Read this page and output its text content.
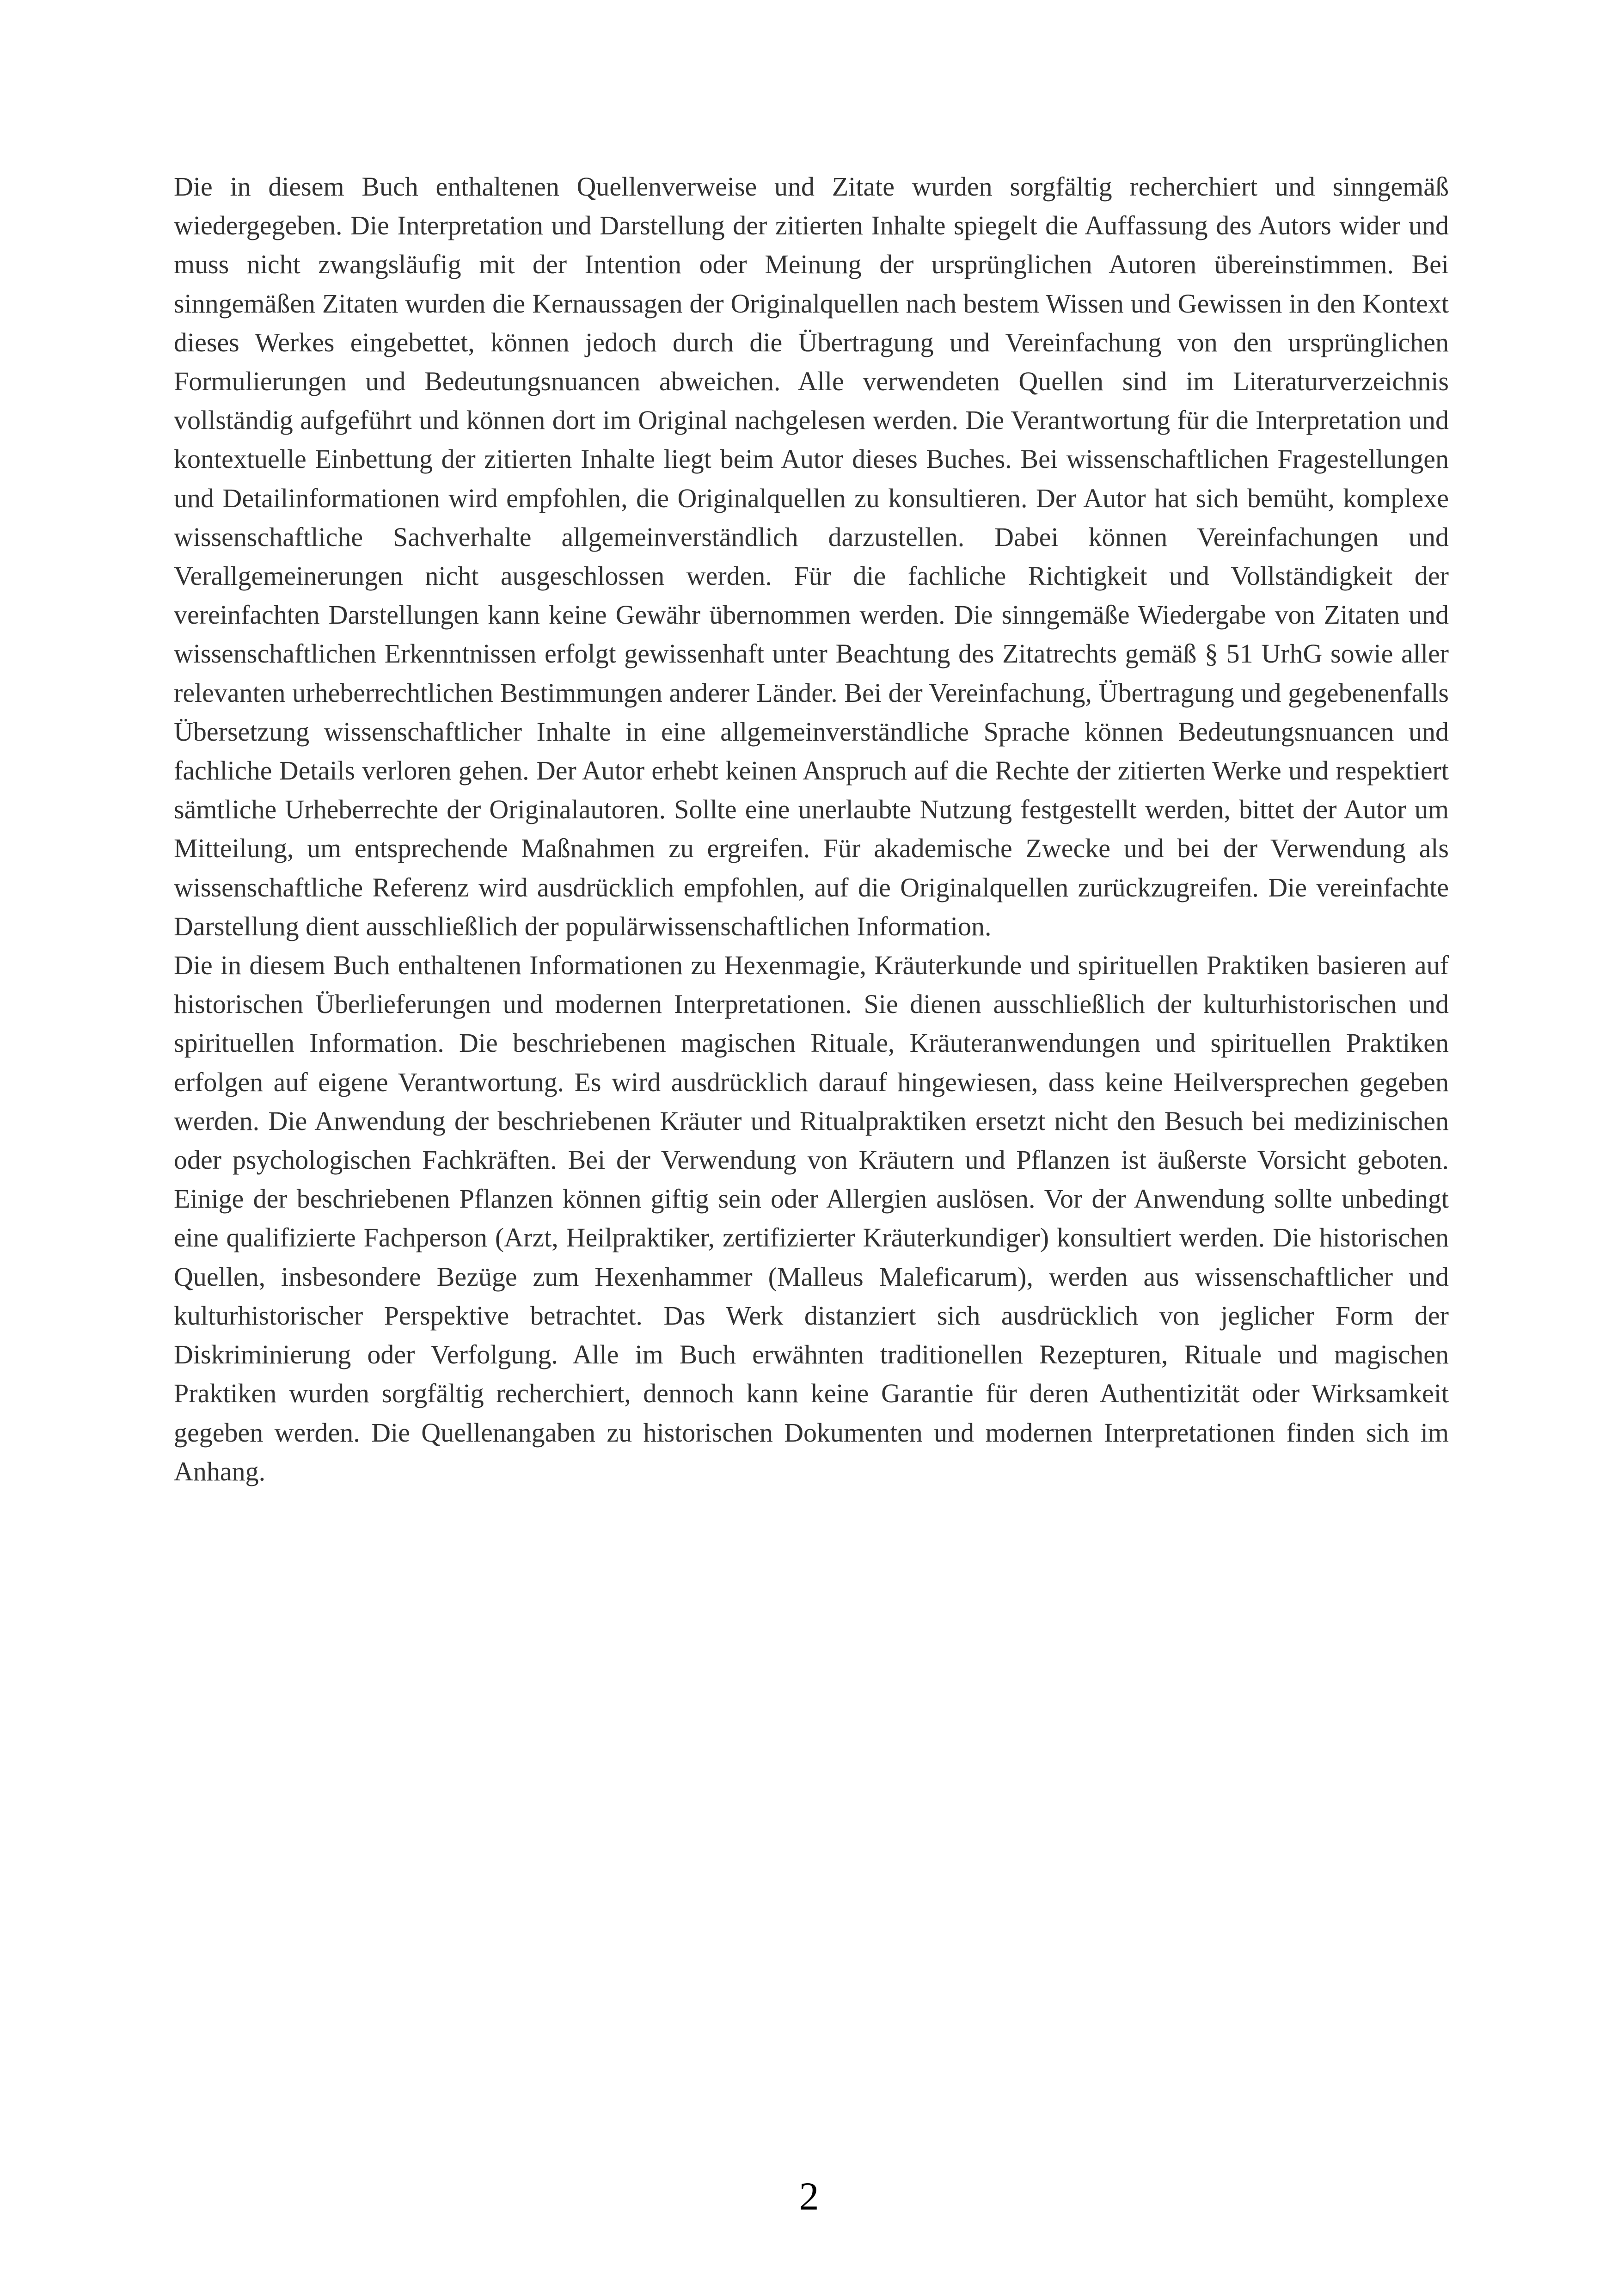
Die in diesem Buch enthaltenen Quellenverweise und Zitate wurden sorgfältig recherchiert und sinngemäß wiedergegeben. Die Interpretation und Darstellung der zitierten Inhalte spiegelt die Auffassung des Autors wider und muss nicht zwangsläufig mit der Intention oder Meinung der ursprünglichen Autoren übereinstimmen. Bei sinngemäßen Zitaten wurden die Kernaussagen der Originalquellen nach bestem Wissen und Gewissen in den Kontext dieses Werkes eingebettet, können jedoch durch die Übertragung und Vereinfachung von den ursprünglichen Formulierungen und Bedeutungsnuancen abweichen. Alle verwendeten Quellen sind im Literaturverzeichnis vollständig aufgeführt und können dort im Original nachgelesen werden. Die Verantwortung für die Interpretation und kontextuelle Einbettung der zitierten Inhalte liegt beim Autor dieses Buches. Bei wissenschaftlichen Fragestellungen und Detailinformationen wird empfohlen, die Originalquellen zu konsultieren. Der Autor hat sich bemüht, komplexe wissenschaftliche Sachverhalte allgemeinverständlich darzustellen. Dabei können Vereinfachungen und Verallgemeinerungen nicht ausgeschlossen werden. Für die fachliche Richtigkeit und Vollständigkeit der vereinfachten Darstellungen kann keine Gewähr übernommen werden. Die sinngemäße Wiedergabe von Zitaten und wissenschaftlichen Erkenntnissen erfolgt gewissenhaft unter Beachtung des Zitatrechts gemäß § 51 UrhG sowie aller relevanten urheberrechtlichen Bestimmungen anderer Länder. Bei der Vereinfachung, Übertragung und gegebenenfalls Übersetzung wissenschaftlicher Inhalte in eine allgemeinverständliche Sprache können Bedeutungsnuancen und fachliche Details verloren gehen. Der Autor erhebt keinen Anspruch auf die Rechte der zitierten Werke und respektiert sämtliche Urheberrechte der Originalautoren. Sollte eine unerlaubte Nutzung festgestellt werden, bittet der Autor um Mitteilung, um entsprechende Maßnahmen zu ergreifen. Für akademische Zwecke und bei der Verwendung als wissenschaftliche Referenz wird ausdrücklich empfohlen, auf die Originalquellen zurückzugreifen. Die vereinfachte Darstellung dient ausschließlich der populärwissenschaftlichen Information.

Die in diesem Buch enthaltenen Informationen zu Hexenmagie, Kräuterkunde und spirituellen Praktiken basieren auf historischen Überlieferungen und modernen Interpretationen. Sie dienen ausschließlich der kulturhistorischen und spirituellen Information. Die beschriebenen magischen Rituale, Kräuteranwendungen und spirituellen Praktiken erfolgen auf eigene Verantwortung. Es wird ausdrücklich darauf hingewiesen, dass keine Heilversprechen gegeben werden. Die Anwendung der beschriebenen Kräuter und Ritualpraktiken ersetzt nicht den Besuch bei medizinischen oder psychologischen Fachkräften. Bei der Verwendung von Kräutern und Pflanzen ist äußerste Vorsicht geboten. Einige der beschriebenen Pflanzen können giftig sein oder Allergien auslösen. Vor der Anwendung sollte unbedingt eine qualifizierte Fachperson (Arzt, Heilpraktiker, zertifizierter Kräuterkundiger) konsultiert werden. Die historischen Quellen, insbesondere Bezüge zum Hexenhammer (Malleus Maleficarum), werden aus wissenschaftlicher und kulturhistorischer Perspektive betrachtet. Das Werk distanziert sich ausdrücklich von jeglicher Form der Diskriminierung oder Verfolgung. Alle im Buch erwähnten traditionellen Rezepturen, Rituale und magischen Praktiken wurden sorgfältig recherchiert, dennoch kann keine Garantie für deren Authentizität oder Wirksamkeit gegeben werden. Die Quellenangaben zu historischen Dokumenten und modernen Interpretationen finden sich im Anhang.

2
